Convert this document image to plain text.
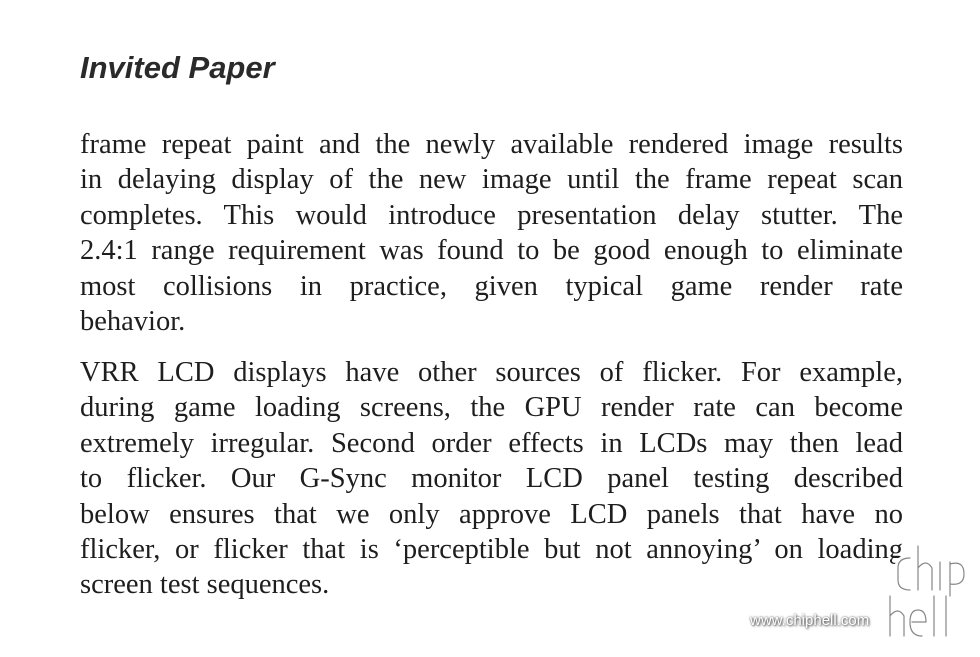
Invited Paper
frame repeat paint and the newly available rendered image results
in delaying display of the new image until the frame repeat scan
completes. This would introduce presentation delay stutter. The
2.4:1 range requirement was found to be good enough to eliminate
most collisions in practice, given typical game render rate
behavior.
VRR LCD displays have other sources of flicker. For example,
during game loading screens, the GPU render rate can become
extremely irregular. Second order effects in LCDs may then lead
to flicker. Our G-Sync monitor LCD panel testing described
below ensures that we only approve LCD panels that have no
flicker, or flicker that is ‘perceptible but not annoying’ on loading
screen test sequences.
www.chiphell.com
